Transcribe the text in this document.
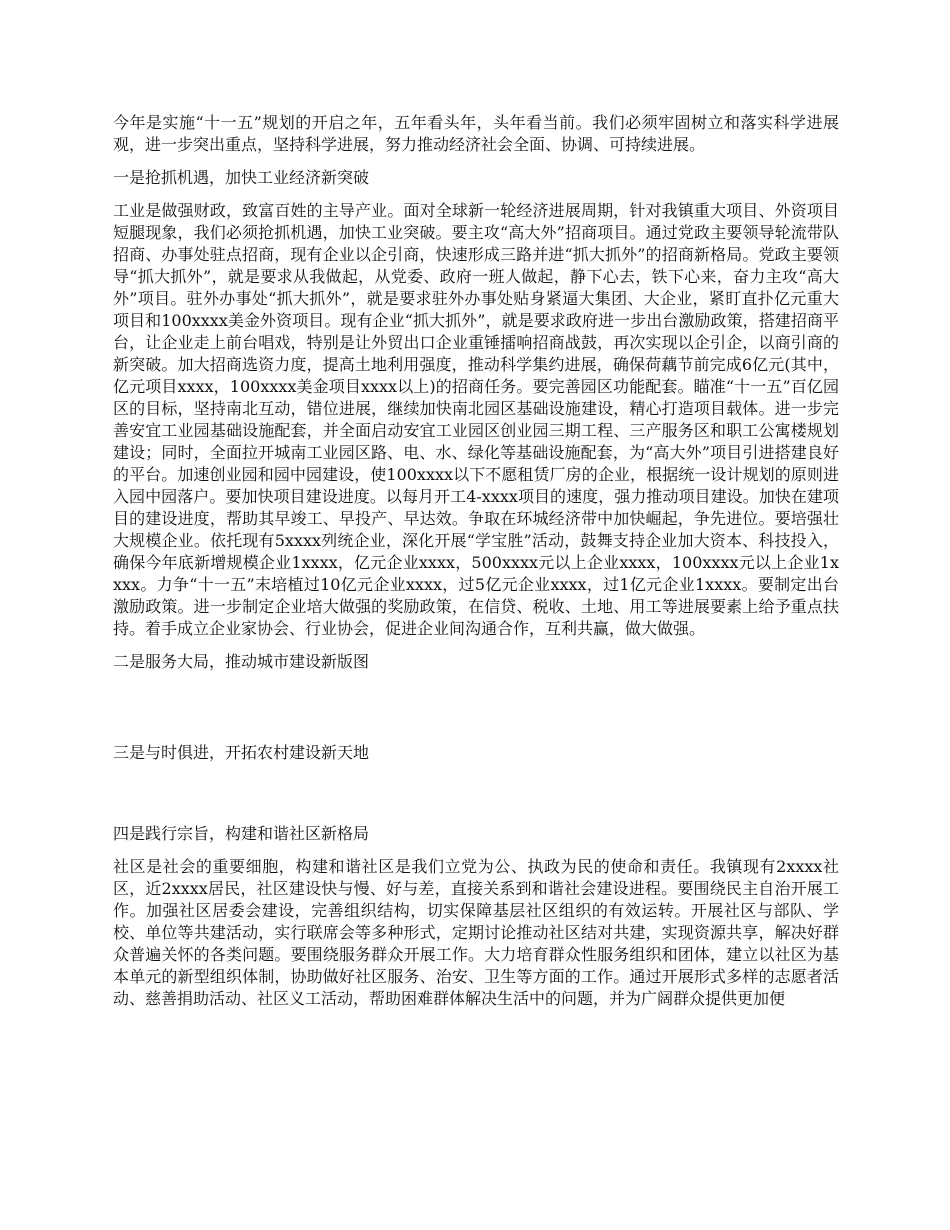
今年是实施“十一五”规划的开启之年，五年看头年，头年看当前。我们必须牢固树立和落实科学进展观，进一步突出重点，坚持科学进展，努力推动经济社会全面、协调、可持续进展。

一是抢抓机遇，加快工业经济新突破

工业是做强财政，致富百姓的主导产业。面对全球新一轮经济进展周期，针对我镇重大项目、外资项目短腿现象，我们必须抢抓机遇，加快工业突破。要主攻“高大外”招商项目。通过党政主要领导轮流带队招商、办事处驻点招商，现有企业以企引商，快速形成三路并进“抓大抓外”的招商新格局。党政主要领导“抓大抓外”，就是要求从我做起，从党委、政府一班人做起，静下心去，铁下心来，奋力主攻“高大外”项目。驻外办事处“抓大抓外”，就是要求驻外办事处贴身紧逼大集团、大企业，紧盯直扑亿元重大项目和100xxxx美金外资项目。现有企业“抓大抓外”，就是要求政府进一步出台激励政策，搭建招商平台，让企业走上前台唱戏，特别是让外贸出口企业重锤擂响招商战鼓，再次实现以企引企，以商引商的新突破。加大招商选资力度，提高土地利用强度，推动科学集约进展，确保荷藕节前完成6亿元(其中，亿元项目xxxx，100xxxx美金项目xxxx以上)的招商任务。要完善园区功能配套。瞄准“十一五”百亿园区的目标，坚持南北互动，错位进展，继续加快南北园区基础设施建设，精心打造项目载体。进一步完善安宜工业园基础设施配套，并全面启动安宜工业园区创业园三期工程、三产服务区和职工公寓楼规划建设；同时，全面拉开城南工业园区路、电、水、绿化等基础设施配套，为“高大外”项目引进搭建良好的平台。加速创业园和园中园建设，使100xxxx以下不愿租赁厂房的企业，根据统一设计规划的原则进入园中园落户。要加快项目建设进度。以每月开工4-xxxx项目的速度，强力推动项目建设。加快在建项目的建设进度，帮助其早竣工、早投产、早达效。争取在环城经济带中加快崛起，争先进位。要培强壮大规模企业。依托现有5xxxx列统企业，深化开展“学宝胜”活动，鼓舞支持企业加大资本、科技投入，确保今年底新增规模企业1xxxx，亿元企业xxxx，500xxxx元以上企业xxxx，100xxxx元以上企业1xxxx。力争“十一五”末培植过10亿元企业xxxx，过5亿元企业xxxx，过1亿元企业1xxxx。要制定出台激励政策。进一步制定企业培大做强的奖励政策，在信贷、税收、土地、用工等进展要素上给予重点扶持。着手成立企业家协会、行业协会，促进企业间沟通合作，互利共赢，做大做强。

二是服务大局，推动城市建设新版图

三是与时俱进，开拓农村建设新天地

四是践行宗旨，构建和谐社区新格局

社区是社会的重要细胞，构建和谐社区是我们立党为公、执政为民的使命和责任。我镇现有2xxxx社区，近2xxxx居民，社区建设快与慢、好与差，直接关系到和谐社会建设进程。要围绕民主自治开展工作。加强社区居委会建设，完善组织结构，切实保障基层社区组织的有效运转。开展社区与部队、学校、单位等共建活动，实行联席会等多种形式，定期讨论推动社区结对共建，实现资源共享，解决好群众普遍关怀的各类问题。要围绕服务群众开展工作。大力培育群众性服务组织和团体，建立以社区为基本单元的新型组织体制，协助做好社区服务、治安、卫生等方面的工作。通过开展形式多样的志愿者活动、慈善捐助活动、社区义工活动，帮助困难群体解决生活中的问题，并为广阔群众提供更加便
